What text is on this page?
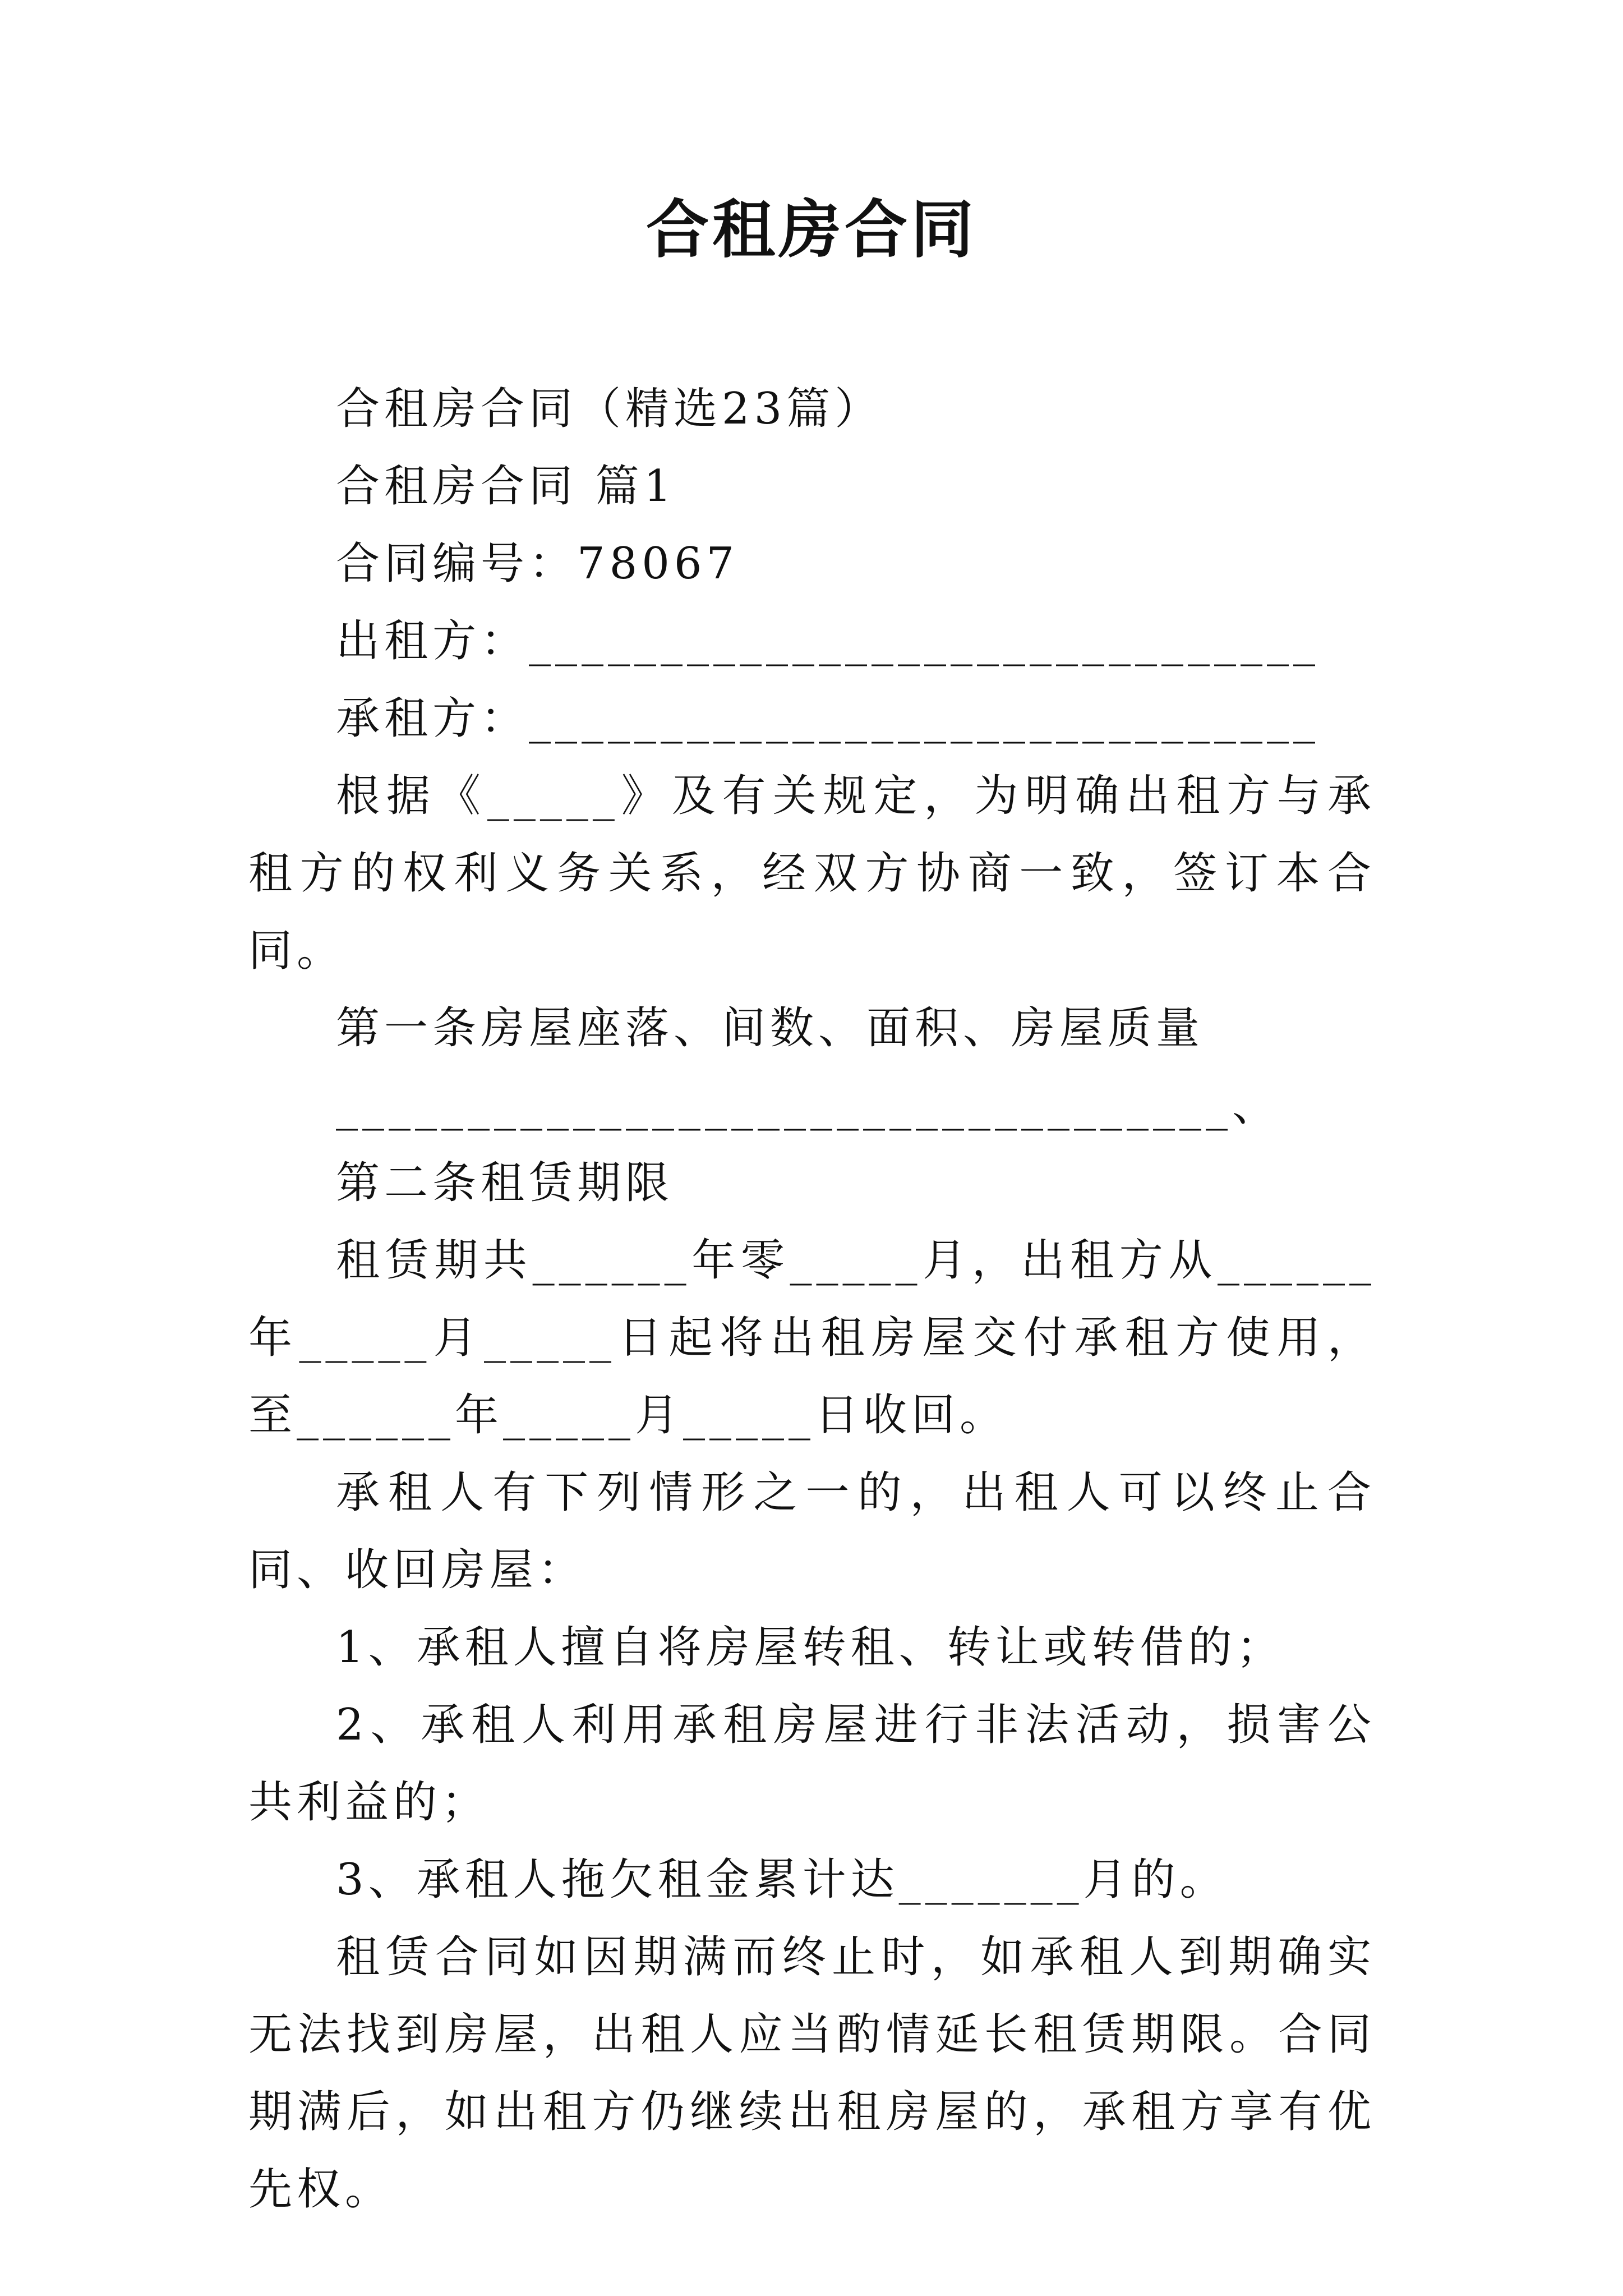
合租房合同

合租房合同（精选23篇）

合租房合同 篇1

合同编号：78067

出租方：______________________________

承租方：______________________________

根据《_____》及有关规定，为明确出租方与承租方的权利义务关系，经双方协商一致，签订本合同。

第一条房屋座落、间数、面积、房屋质量

__________________________________、

第二条租赁期限

租赁期共______年零_____月，出租方从______年_____月_____日起将出租房屋交付承租方使用，至______年_____月_____日收回。

承租人有下列情形之一的，出租人可以终止合同、收回房屋：

1、承租人擅自将房屋转租、转让或转借的；

2、承租人利用承租房屋进行非法活动，损害公共利益的；

3、承租人拖欠租金累计达_______月的。

租赁合同如因期满而终止时，如承租人到期确实无法找到房屋，出租人应当酌情延长租赁期限。合同期满后，如出租方仍继续出租房屋的，承租方享有优先权。
